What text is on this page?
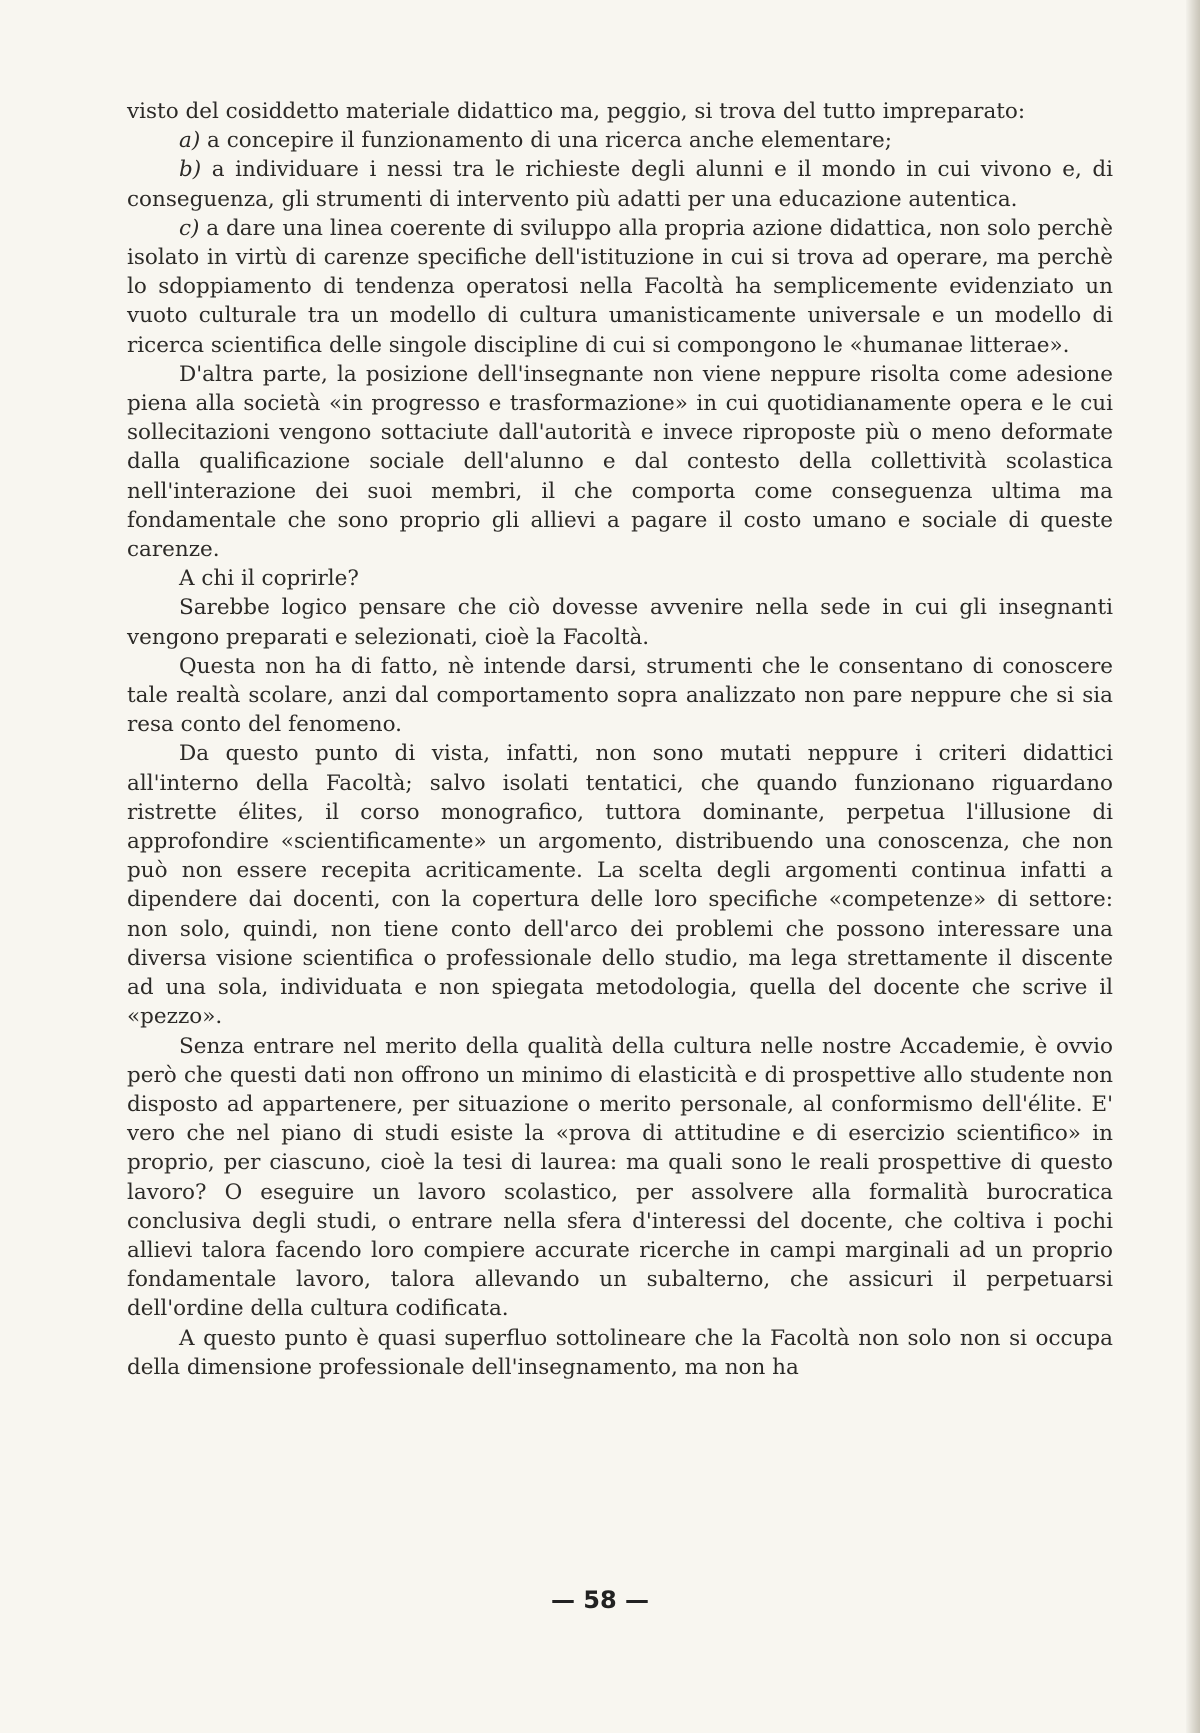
visto del cosiddetto materiale didattico ma, peggio, si trova del tutto impreparato:

a) a concepire il funzionamento di una ricerca anche elementare;

b) a individuare i nessi tra le richieste degli alunni e il mondo in cui vivono e, di conseguenza, gli strumenti di intervento più adatti per una educazione autentica.

c) a dare una linea coerente di sviluppo alla propria azione didattica, non solo perchè isolato in virtù di carenze specifiche dell'istituzione in cui si trova ad operare, ma perchè lo sdoppiamento di tendenza operatosi nella Facoltà ha semplicemente evidenziato un vuoto culturale tra un modello di cultura umanisticamente universale e un modello di ricerca scientifica delle singole discipline di cui si compongono le «humanae litterae».

D'altra parte, la posizione dell'insegnante non viene neppure risolta come adesione piena alla società «in progresso e trasformazione» in cui quotidianamente opera e le cui sollecitazioni vengono sottaciute dall'autorità e invece riproposte più o meno deformate dalla qualificazione sociale dell'alunno e dal contesto della collettività scolastica nell'interazione dei suoi membri, il che comporta come conseguenza ultima ma fondamentale che sono proprio gli allievi a pagare il costo umano e sociale di queste carenze.

A chi il coprirle?

Sarebbe logico pensare che ciò dovesse avvenire nella sede in cui gli insegnanti vengono preparati e selezionati, cioè la Facoltà.

Questa non ha di fatto, nè intende darsi, strumenti che le consentano di conoscere tale realtà scolare, anzi dal comportamento sopra analizzato non pare neppure che si sia resa conto del fenomeno.

Da questo punto di vista, infatti, non sono mutati neppure i criteri didattici all'interno della Facoltà; salvo isolati tentatici, che quando funzionano riguardano ristrette élites, il corso monografico, tuttora dominante, perpetua l'illusione di approfondire «scientificamente» un argomento, distribuendo una conoscenza, che non può non essere recepita acriticamente. La scelta degli argomenti continua infatti a dipendere dai docenti, con la copertura delle loro specifiche «competenze» di settore: non solo, quindi, non tiene conto dell'arco dei problemi che possono interessare una diversa visione scientifica o professionale dello studio, ma lega strettamente il discente ad una sola, individuata e non spiegata metodologia, quella del docente che scrive il «pezzo».

Senza entrare nel merito della qualità della cultura nelle nostre Accademie, è ovvio però che questi dati non offrono un minimo di elasticità e di prospettive allo studente non disposto ad appartenere, per situazione o merito personale, al conformismo dell'élite. E' vero che nel piano di studi esiste la «prova di attitudine e di esercizio scientifico» in proprio, per ciascuno, cioè la tesi di laurea: ma quali sono le reali prospettive di questo lavoro? O eseguire un lavoro scolastico, per assolvere alla formalità burocratica conclusiva degli studi, o entrare nella sfera d'interessi del docente, che coltiva i pochi allievi talora facendo loro compiere accurate ricerche in campi marginali ad un proprio fondamentale lavoro, talora allevando un subalterno, che assicuri il perpetuarsi dell'ordine della cultura codificata.

A questo punto è quasi superfluo sottolineare che la Facoltà non solo non si occupa della dimensione professionale dell'insegnamento, ma non ha

— 58 —
